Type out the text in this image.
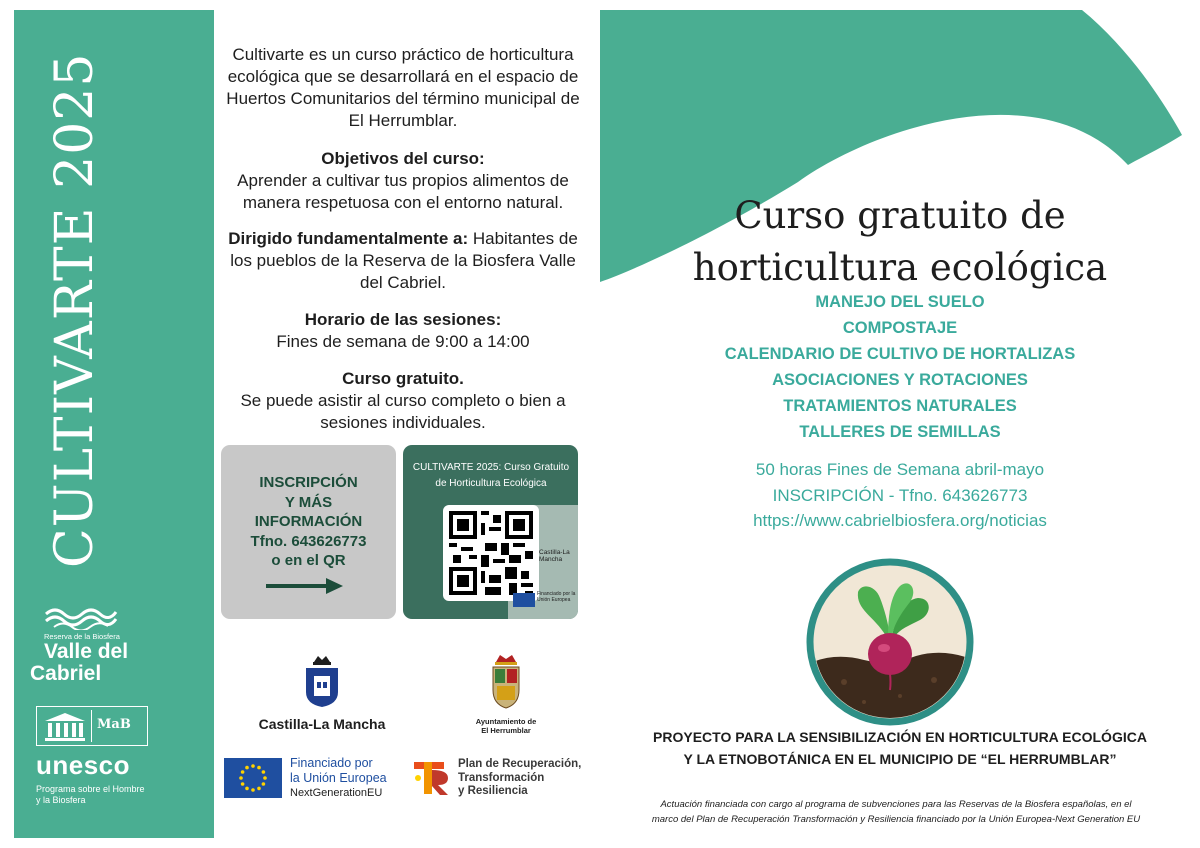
CULTIVARTE 2025
Reserva de la Biosfera
Valle del
Cabriel
MaB
unesco
Programa sobre el Hombre
y la Biosfera
Cultivarte es un curso práctico de horticultura ecológica que se desarrollará en el espacio de Huertos Comunitarios del término municipal de El Herrumblar.
Objetivos del curso:
Aprender a cultivar tus propios alimentos de manera respetuosa con el entorno natural.
Dirigido fundamentalmente a: Habitantes de los pueblos de la Reserva de la Biosfera Valle del Cabriel.
Horario de las sesiones:
Fines de semana de 9:00 a 14:00
Curso gratuito.
Se puede asistir al curso completo o bien a sesiones individuales.
INSCRIPCIÓN
Y MÁS
INFORMACIÓN
Tfno. 643626773
o en el QR
CULTIVARTE 2025: Curso Gratuito
de Horticultura Ecológica
Castilla-La Mancha
Financiado por la Unión Europea
Castilla-La Mancha	Ayuntamiento de
El Herrumblar
Financiado por
la Unión Europea
NextGenerationEU
Plan de Recuperación,
Transformación
y Resiliencia
Curso gratuito de
horticultura ecológica
MANEJO DEL SUELO
COMPOSTAJE
CALENDARIO DE CULTIVO DE HORTALIZAS
ASOCIACIONES Y ROTACIONES
TRATAMIENTOS NATURALES
TALLERES DE SEMILLAS
50 horas Fines de Semana abril-mayo
INSCRIPCIÓN - Tfno. 643626773
https://www.cabrielbiosfera.org/noticias
PROYECTO PARA LA SENSIBILIZACIÓN EN HORTICULTURA ECOLÓGICA
Y LA ETNOBOTÁNICA EN EL MUNICIPIO DE “EL HERRUMBLAR”
Actuación financiada con cargo al programa de subvenciones para las Reservas de la Biosfera españolas, en el
marco del Plan de Recuperación Transformación y Resiliencia financiado por la Unión Europea-Next Generation EU
